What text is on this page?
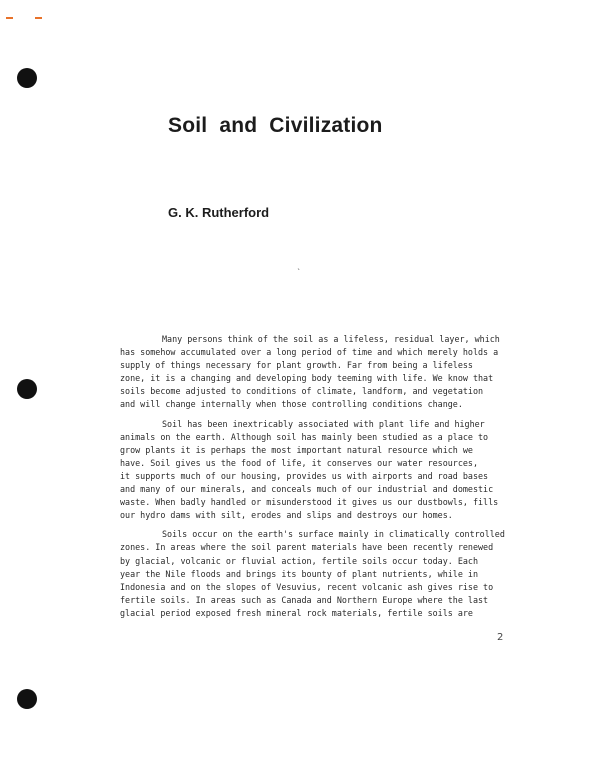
Soil and Civilization
G. K. Rutherford
ˋ
Many persons think of the soil as a lifeless, residual layer, which
has somehow accumulated over a long period of time and which merely holds a
supply of things necessary for plant growth. Far from being a lifeless
zone, it is a changing and developing body teeming with life. We know that
soils become adjusted to conditions of climate, landform, and vegetation
and will change internally when those controlling conditions change.
Soil has been inextricably associated with plant life and higher
animals on the earth. Although soil has mainly been studied as a place to
grow plants it is perhaps the most important natural resource which we
have. Soil gives us the food of life, it conserves our water resources,
it supports much of our housing, provides us with airports and road bases
and many of our minerals, and conceals much of our industrial and domestic
waste. When badly handled or misunderstood it gives us our dustbowls, fills
our hydro dams with silt, erodes and slips and destroys our homes.
Soils occur on the earth's surface mainly in climatically controlled
zones. In areas where the soil parent materials have been recently renewed
by glacial, volcanic or fluvial action, fertile soils occur today. Each
year the Nile floods and brings its bounty of plant nutrients, while in
Indonesia and on the slopes of Vesuvius, recent volcanic ash gives rise to
fertile soils. In areas such as Canada and Northern Europe where the last
glacial period exposed fresh mineral rock materials, fertile soils are
2
